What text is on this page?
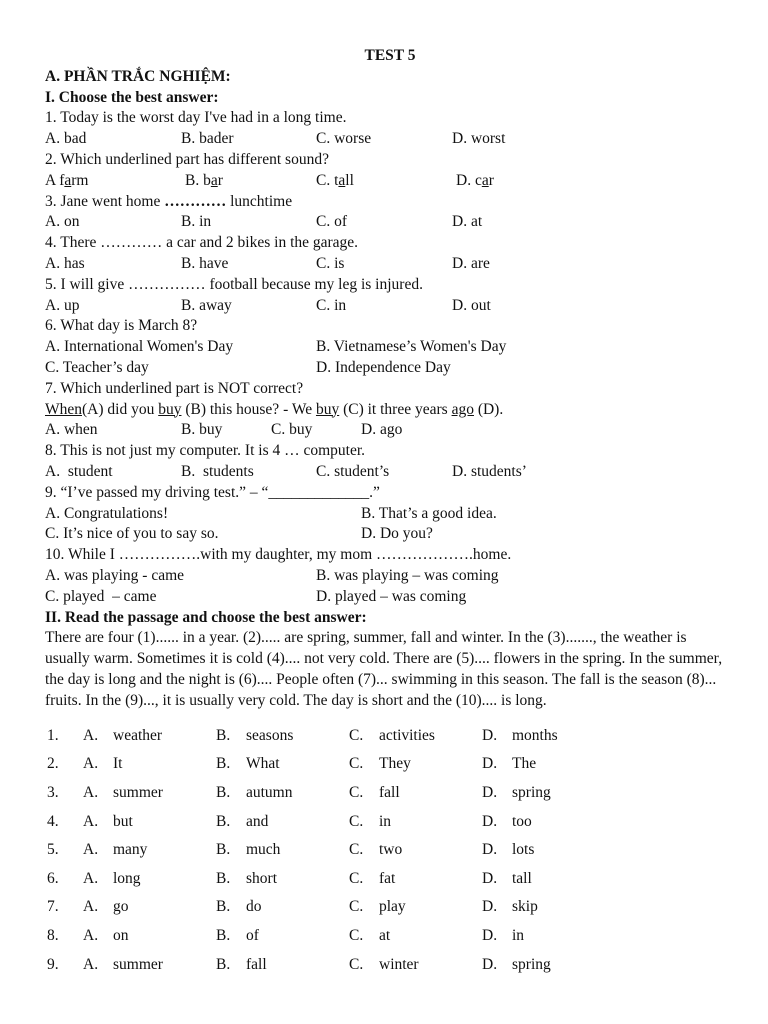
TEST 5
A. PHẦN TRẮC NGHIỆM:
I. Choose the best answer:
1. Today is the worst day I've had in a long time.
A. bad	B. bader	C. worse	D. worst
2. Which underlined part has different sound?
A farm	B. bar	C. tall	D. car
3. Jane went home ………… lunchtime
A. on	B. in	C. of	D. at
4. There ………… a car and 2 bikes in the garage.
A. has	B. have	C. is	D. are
5. I will give …………… football because my leg is injured.
A. up	B. away	C. in	D. out
6. What day is March 8?
A. International Women's Day	B. Vietnamese’s Women's Day
C. Teacher’s day	D. Independence Day
7. Which underlined part is NOT correct?
When(A) did you buy (B) this house? - We buy (C) it three years ago (D).
A. when	B. buy	C. buy	D. ago
8. This is not just my computer. It is 4 … computer.
A.  student	B.  students	C. student’s	D. students’
9. “I’ve passed my driving test.” – “_____________.”
A. Congratulations!	B. That’s a good idea.
C. It’s nice of you to say so.	D. Do you?
10. While I …………….with my daughter, my mom ……………….home.
A. was playing - came	B. was playing – was coming
C. played  – came	D. played – was coming
II. Read the passage and choose the best answer:
There are four (1)...... in a year. (2)..... are spring, summer, fall and winter. In the (3)......., the weather is usually warm. Sometimes it is cold (4).... not very cold. There are (5).... flowers in the spring. In the summer, the day is long and the night is (6).... People often (7)... swimming in this season. The fall is the season (8)... fruits. In the (9)..., it is usually very cold. The day is short and the (10).... is long.
1.	A.	weather	B.	seasons	C.	activities	D.	months
2.	A.	It	B.	What	C.	They	D.	The
3.	A.	summer	B.	autumn	C.	fall	D.	spring
4.	A.	but	B.	and	C.	in	D.	too
5.	A.	many	B.	much	C.	two	D.	lots
6.	A.	long	B.	short	C.	fat	D.	tall
7.	A.	go	B.	do	C.	play	D.	skip
8.	A.	on	B.	of	C.	at	D.	in
9.	A.	summer	B.	fall	C.	winter	D.	spring
